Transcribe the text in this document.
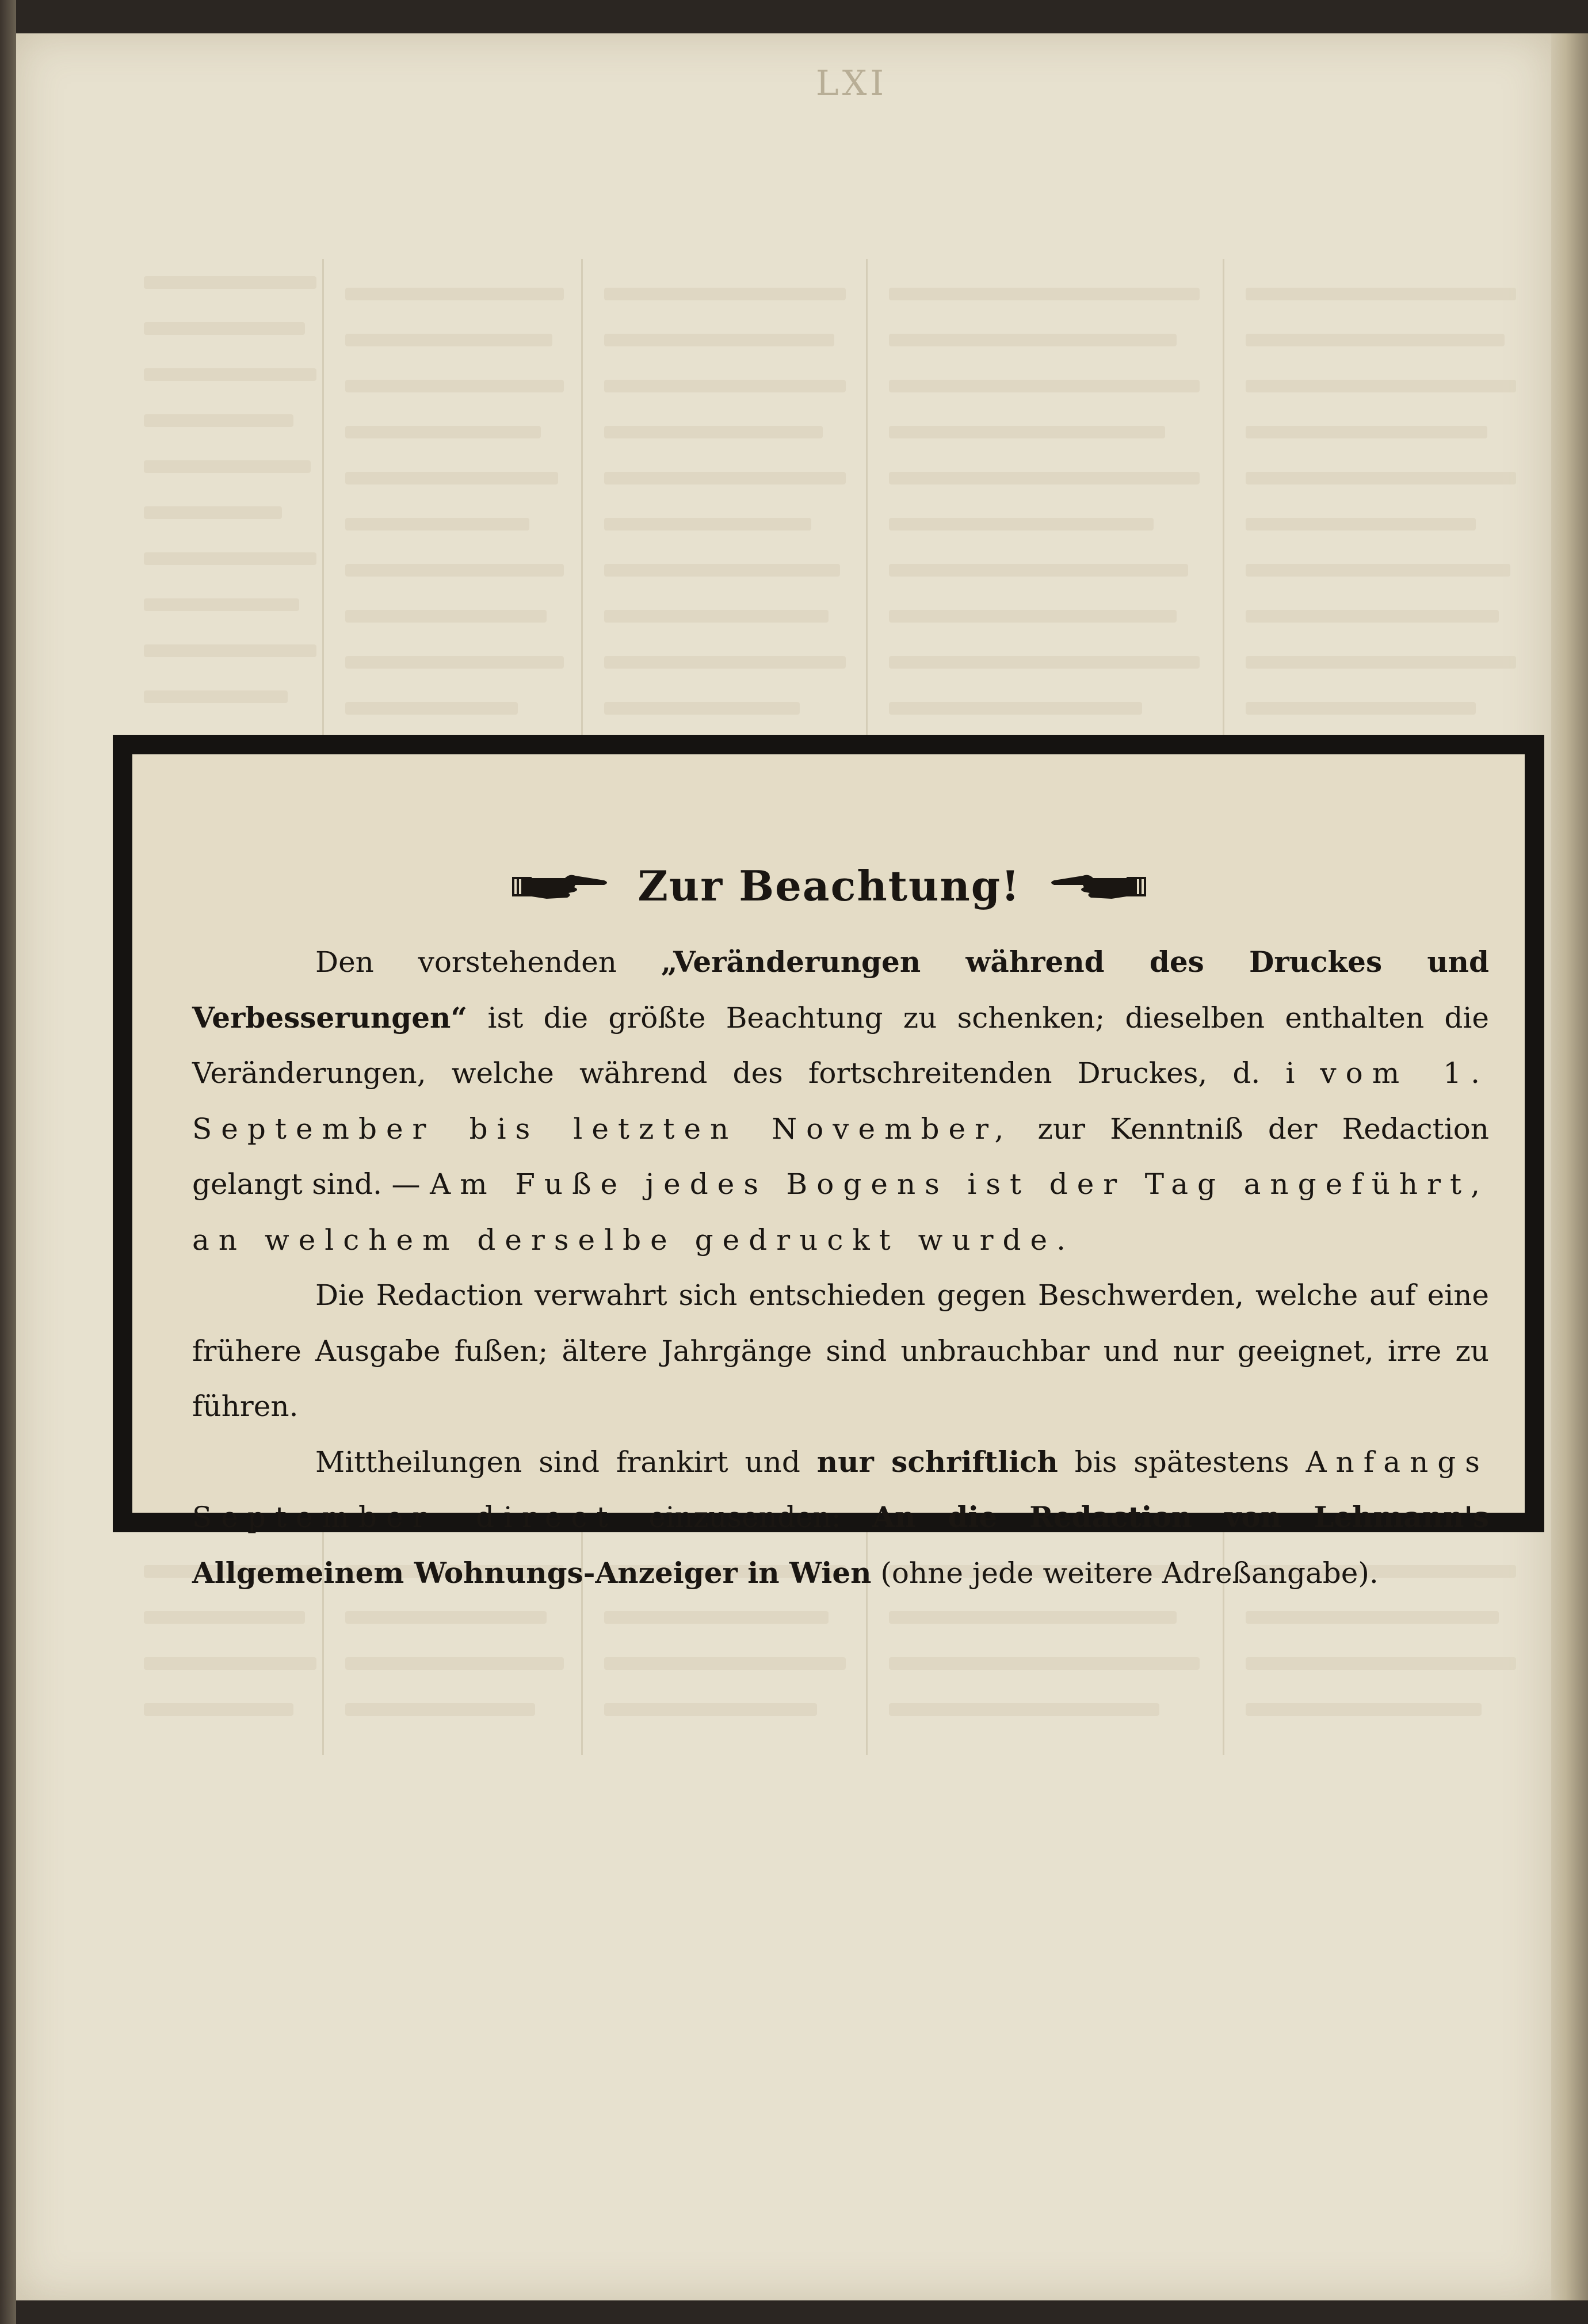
LXI
Zur Beachtung!

Den vorstehenden „Veränderungen während des Druckes und Verbesserungen“ ist die größte Beachtung zu schenken; dieselben enthalten die Veränderungen, welche während des fortschreitenden Druckes, d. i vom 1. September bis letzten November, zur Kenntniß der Redaction gelangt sind. — Am Fuße jedes Bogens ist der Tag angeführt, an welchem derselbe gedruckt wurde.

Die Redaction verwahrt sich entschieden gegen Beschwerden, welche auf eine frühere Ausgabe fußen; ältere Jahrgänge sind unbrauchbar und nur geeignet, irre zu führen.

Mittheilungen sind frankirt und nur schriftlich bis spätestens Anfangs September direct einzusenden: An die Redaction von Lehmann's Allgemeinem Wohnungs-Anzeiger in Wien (ohne jede weitere Adreßangabe).
